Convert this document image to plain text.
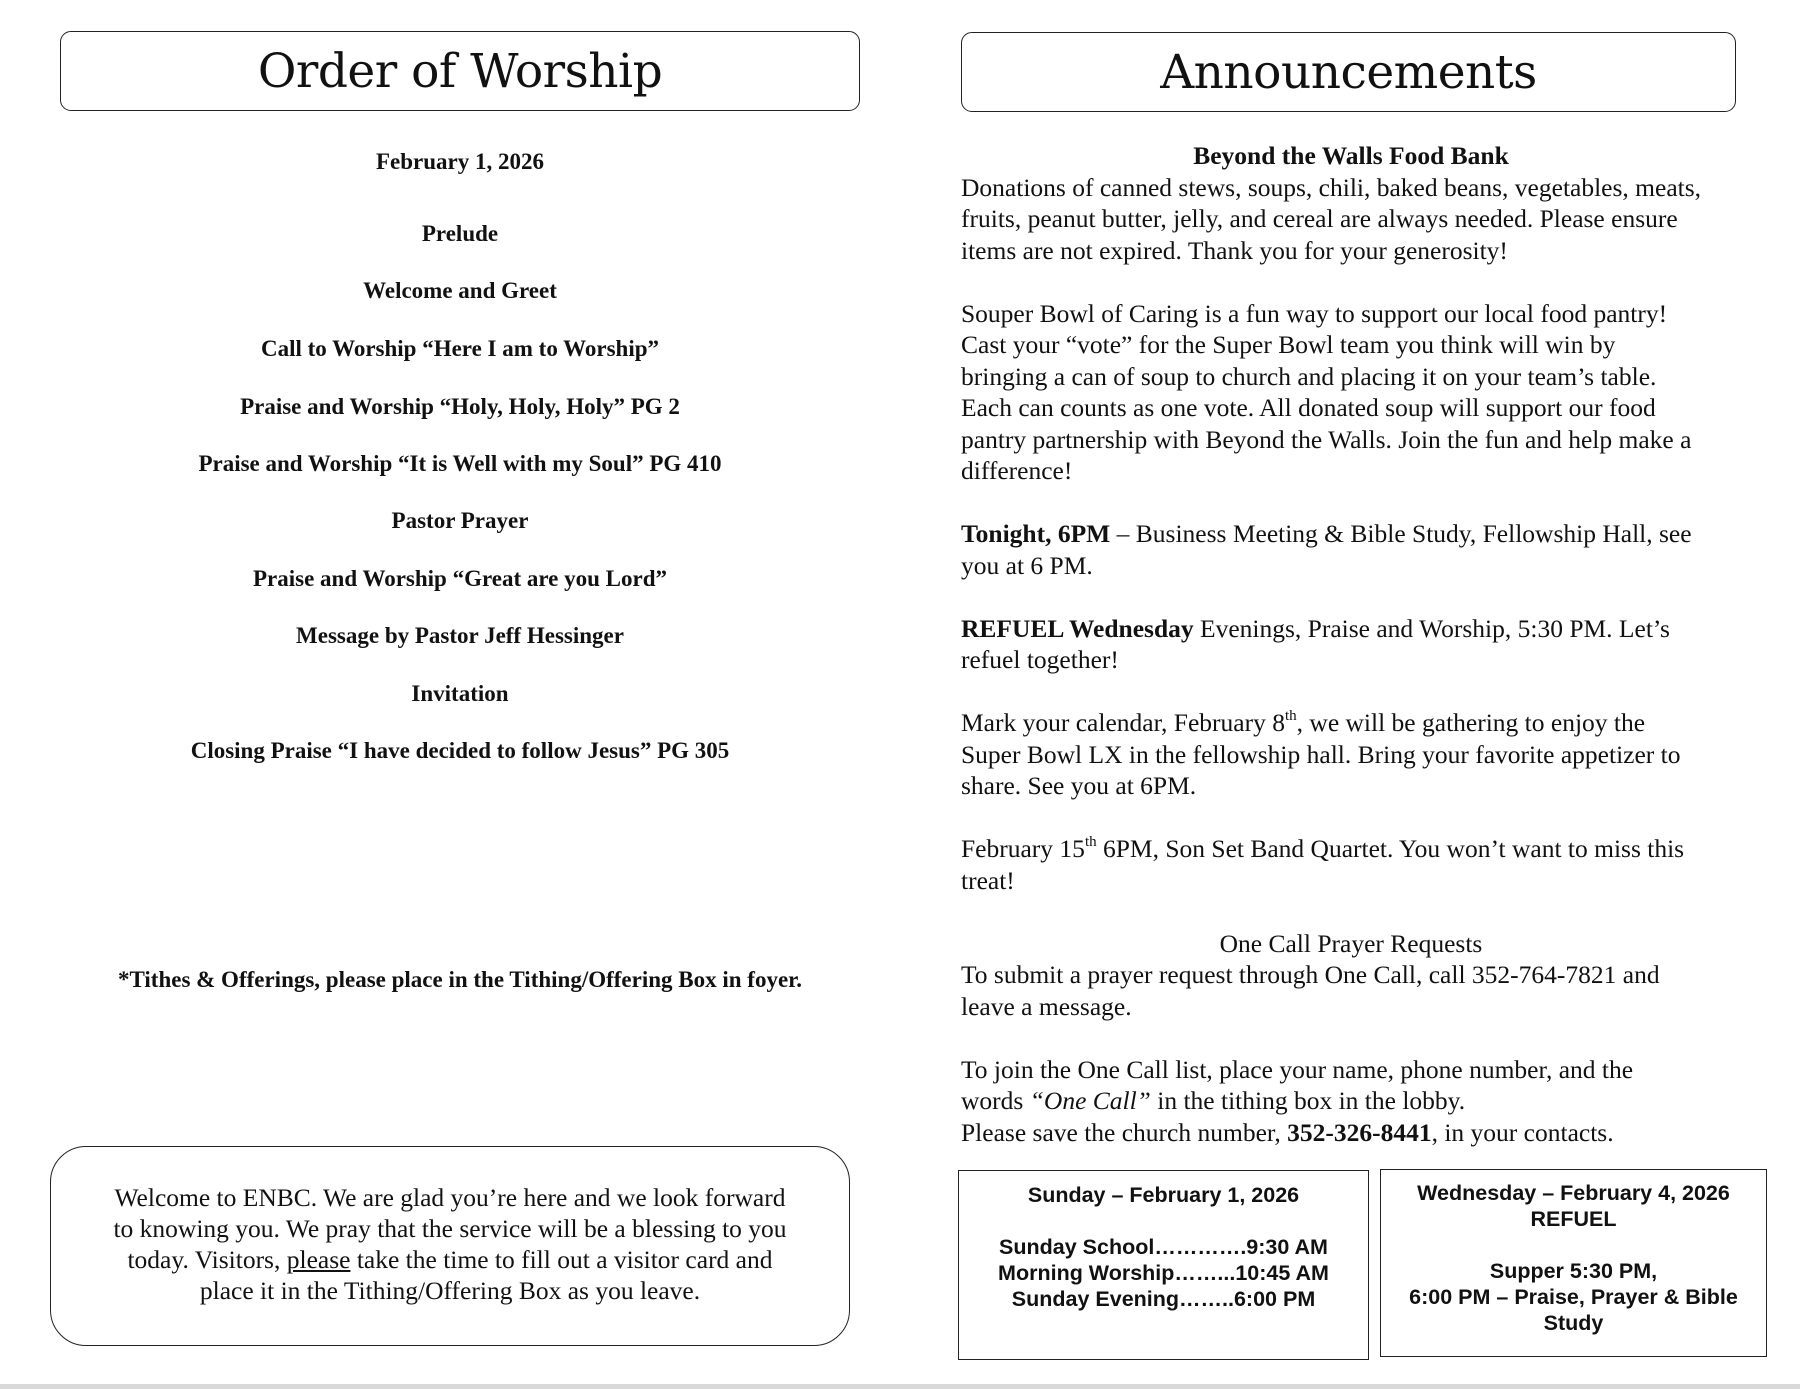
Order of Worship
February 1, 2026
Prelude
Welcome and Greet
Call to Worship “Here I am to Worship”
Praise and Worship “Holy, Holy, Holy” PG 2
Praise and Worship “It is Well with my Soul” PG 410
Pastor Prayer
Praise and Worship “Great are you Lord”
Message by Pastor Jeff Hessinger
Invitation
Closing Praise “I have decided to follow Jesus” PG 305
*Tithes & Offerings, please place in the Tithing/Offering Box in foyer.
Welcome to ENBC. We are glad you’re here and we look forward
to knowing you. We pray that the service will be a blessing to you
today. Visitors, please take the time to fill out a visitor card and
place it in the Tithing/Offering Box as you leave.
Announcements
Beyond the Walls Food Bank
Donations of canned stews, soups, chili, baked beans, vegetables, meats,
fruits, peanut butter, jelly, and cereal are always needed. Please ensure
items are not expired. Thank you for your generosity!
Souper Bowl of Caring is a fun way to support our local food pantry!
Cast your “vote” for the Super Bowl team you think will win by
bringing a can of soup to church and placing it on your team’s table.
Each can counts as one vote. All donated soup will support our food
pantry partnership with Beyond the Walls. Join the fun and help make a
difference!
Tonight, 6PM – Business Meeting & Bible Study, Fellowship Hall, see
you at 6 PM.
REFUEL Wednesday Evenings, Praise and Worship, 5:30 PM. Let’s
refuel together!
Mark your calendar, February 8th, we will be gathering to enjoy the
Super Bowl LX in the fellowship hall. Bring your favorite appetizer to
share. See you at 6PM.
February 15th 6PM, Son Set Band Quartet. You won’t want to miss this
treat!
One Call Prayer Requests
To submit a prayer request through One Call, call 352-764-7821 and
leave a message.
To join the One Call list, place your name, phone number, and the
words “One Call” in the tithing box in the lobby.
Please save the church number, 352-326-8441, in your contacts.
Sunday – February 1, 2026
Sunday School………….9:30 AM
Morning Worship……...10:45 AM
Sunday Evening……..6:00 PM
Wednesday – February 4, 2026
REFUEL
Supper 5:30 PM,
6:00 PM – Praise, Prayer & Bible
Study
